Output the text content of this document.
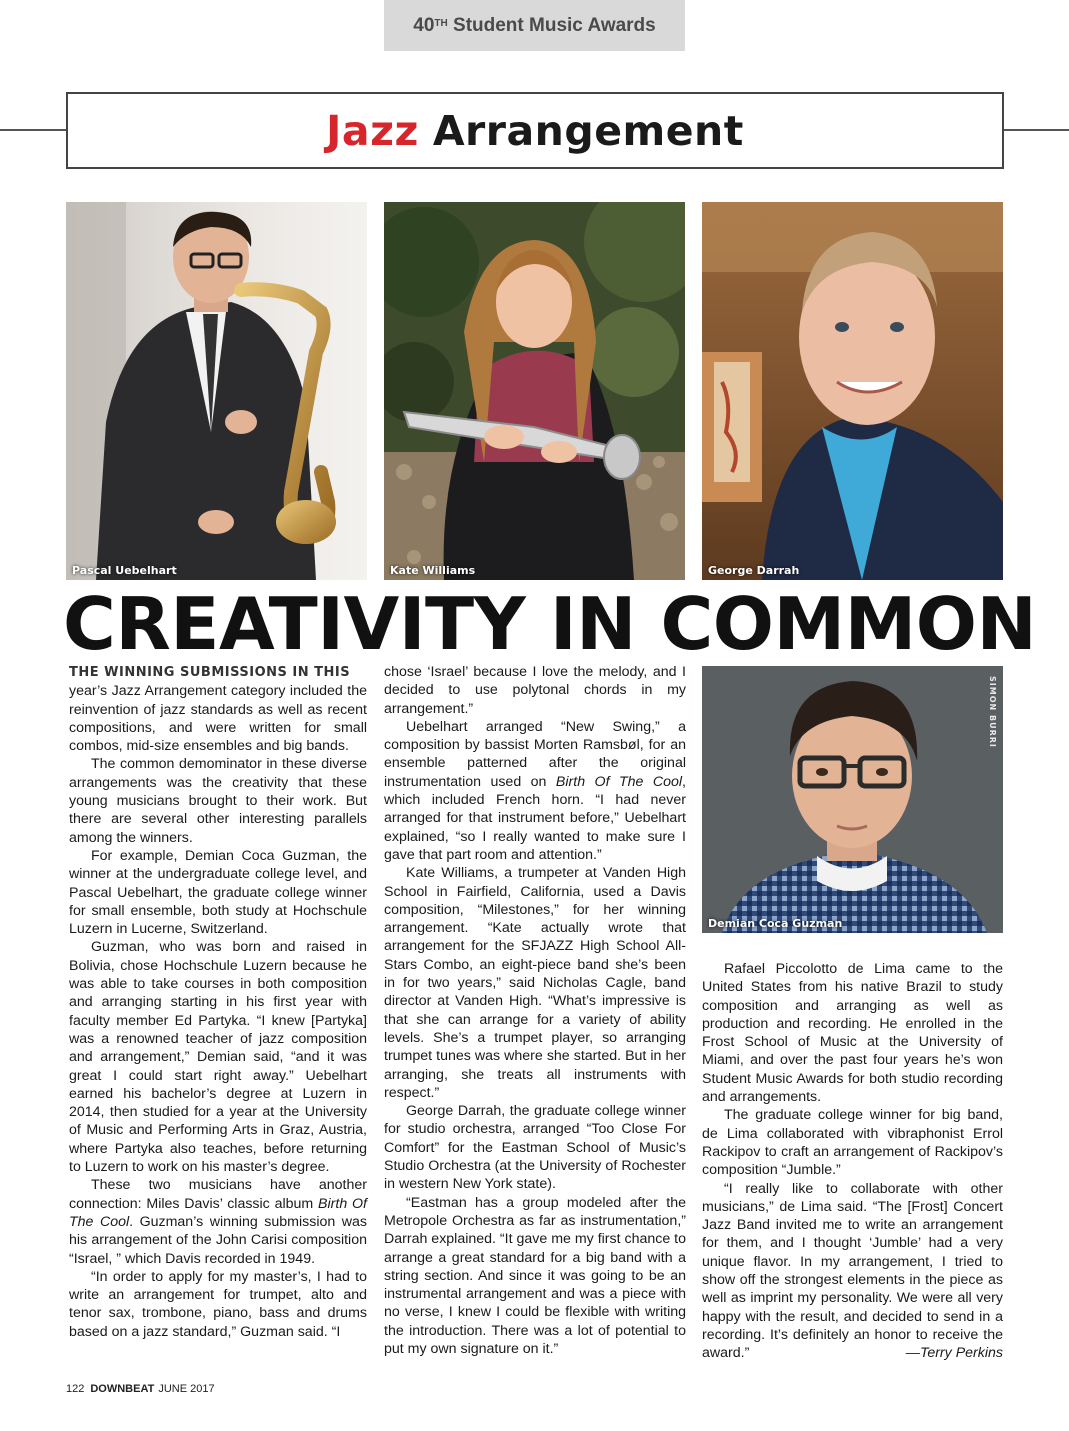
40TH Student Music Awards
Jazz Arrangement
Pascal Uebelhart	Kate Williams	George Darrah
CREATIVITY IN COMMON

THE WINNING SUBMISSIONS IN THIS
year’s Jazz Arrangement category included the reinvention of jazz standards as well as recent compositions, and were written for small combos, mid-size ensembles and big bands.

The common demominator in these diverse arrangements was the creativity that these young musicians brought to their work. But there are several other interesting parallels among the winners.

For example, Demian Coca Guzman, the winner at the undergraduate college level, and Pascal Uebelhart, the graduate college winner for small ensemble, both study at Hochschule Luzern in Lucerne, Switzerland.

Guzman, who was born and raised in Bolivia, chose Hochschule Luzern because he was able to take courses in both composition and arranging starting in his first year with faculty member Ed Partyka. “I knew [Partyka] was a renowned teacher of jazz composition and arrangement,” Demian said, “and it was great I could start right away.” Uebelhart earned his bachelor’s degree at Luzern in 2014, then studied for a year at the University of Music and Performing Arts in Graz, Austria, where Partyka also teaches, before returning to Luzern to work on his master’s degree.

These two musicians have another connection: Miles Davis’ classic album Birth Of The Cool. Guzman’s winning submission was his arrangement of the John Carisi composition “Israel, ” which Davis recorded in 1949.

“In order to apply for my master’s, I had to write an arrangement for trumpet, alto and tenor sax, trombone, piano, bass and drums based on a jazz standard,” Guzman said. “I

chose ‘Israel’ because I love the melody, and I decided to use polytonal chords in my arrangement.”

Uebelhart arranged “New Swing,” a composition by bassist Morten Ramsbøl, for an ensemble patterned after the original instrumentation used on Birth Of The Cool, which included French horn. “I had never arranged for that instrument before,” Uebelhart explained, “so I really wanted to make sure I gave that part room and attention.”

Kate Williams, a trumpeter at Vanden High School in Fairfield, California, used a Davis composition, “Milestones,” for her winning arrangement. “Kate actually wrote that arrangement for the SFJAZZ High School All-Stars Combo, an eight-piece band she’s been in for two years,” said Nicholas Cagle, band director at Vanden High. “What’s impressive is that she can arrange for a variety of ability levels. She’s a trumpet player, so arranging trumpet tunes was where she started. But in her arranging, she treats all instruments with respect.”

George Darrah, the graduate college winner for studio orchestra, arranged “Too Close For Comfort” for the Eastman School of Music’s Studio Orchestra (at the University of Rochester in western New York state).

“Eastman has a group modeled after the Metropole Orchestra as far as instrumentation,” Darrah explained. “It gave me my first chance to arrange a great standard for a big band with a string section. And since it was going to be an instrumental arrangement and was a piece with no verse, I knew I could be flexible with writing the introduction. There was a lot of potential to put my own signature on it.”

SIMON BURRI
Demian Coca Guzman

Rafael Piccolotto de Lima came to the United States from his native Brazil to study composition and arranging as well as production and recording. He enrolled in the Frost School of Music at the University of Miami, and over the past four years he’s won Student Music Awards for both studio recording and arrangements.

The graduate college winner for big band, de Lima collaborated with vibraphonist Errol Rackipov to craft an arrangement of Rackipov’s composition “Jumble.”

“I really like to collaborate with other musicians,” de Lima said. “The [Frost] Concert Jazz Band invited me to write an arrangement for them, and I thought ‘Jumble’ had a very unique flavor. In my arrangement, I tried to show off the strongest elements in the piece as well as imprint my personality. We were all very happy with the result, and decided to send in a recording. It’s definitely an honor to receive the award.”	—Terry Perkins

122 DOWNBEAT JUNE 2017
